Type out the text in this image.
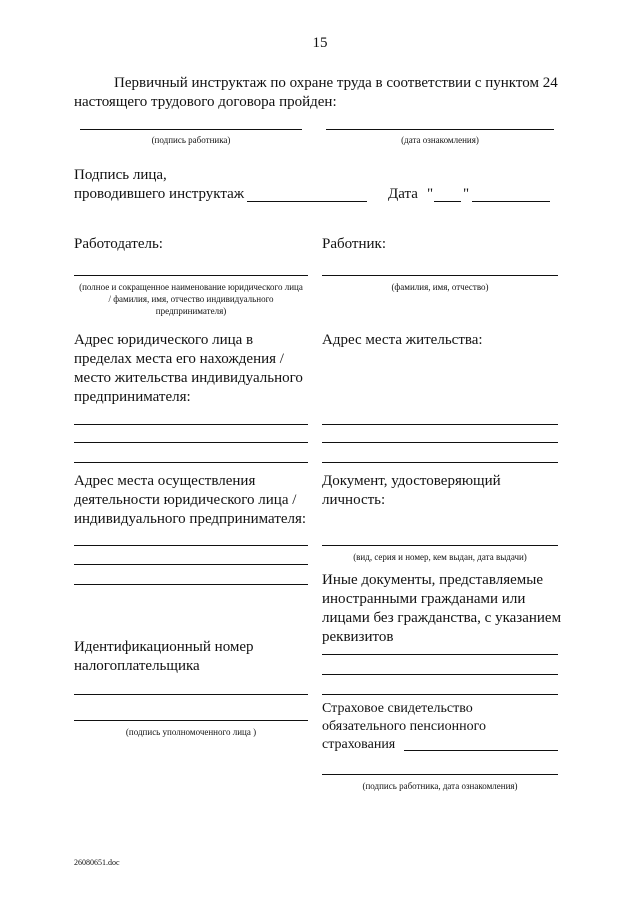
15
Первичный инструктаж по охране труда в соответствии с пунктом 24 настоящего трудового договора пройден:
(подпись работника)	(дата ознакомления)
Подпись лица,
проводившего инструктаж	Дата " "
Работодатель:	Работник:
(полное и сокращенное наименование юридического лица / фамилия, имя, отчество индивидуального предпринимателя)
(фамилия, имя, отчество)
Адрес юридического лица в пределах места его нахождения / место жительства индивидуального предпринимателя:
Адрес места жительства:
Адрес места осуществления деятельности юридического лица / индивидуального предпринимателя:
Документ, удостоверяющий личность:
(вид, серия и номер, кем выдан, дата выдачи)
Иные документы, представляемые иностранными гражданами или лицами без гражданства, с указанием реквизитов
Идентификационный номер налогоплательщика
(подпись уполномоченного лица )
Страховое свидетельство
обязательного пенсионного
страхования
(подпись работника, дата ознакомления)
26080651.doc
